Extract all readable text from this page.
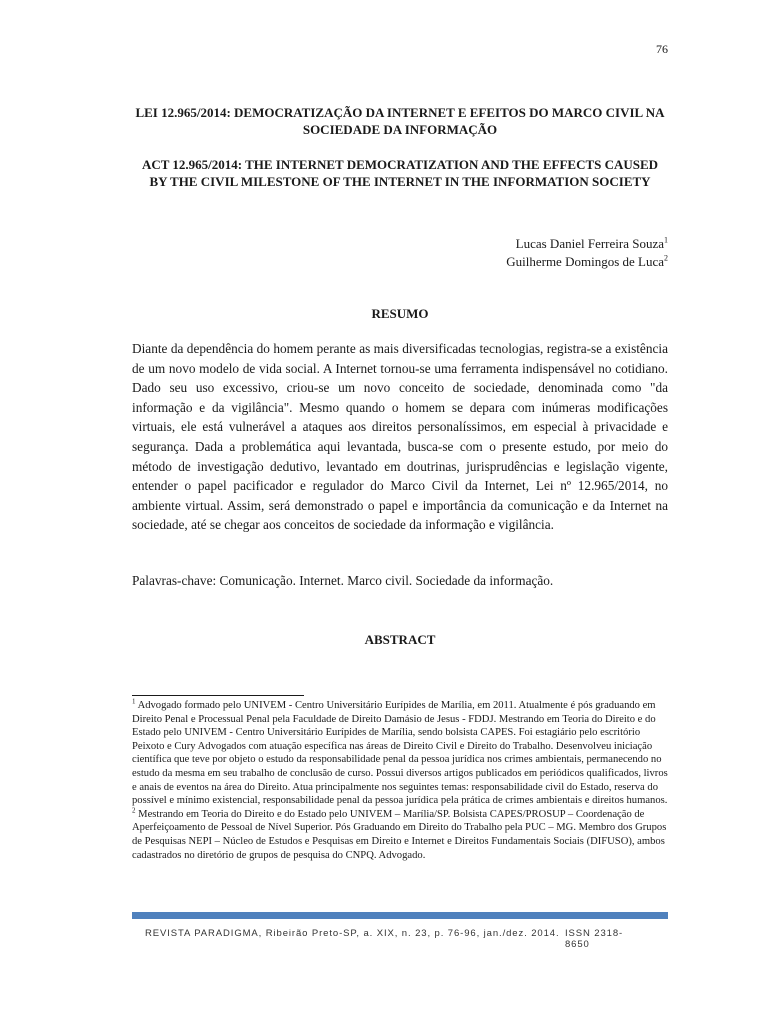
76
LEI 12.965/2014: DEMOCRATIZAÇÃO DA INTERNET E EFEITOS DO MARCO CIVIL NA SOCIEDADE DA INFORMAÇÃO
ACT 12.965/2014: THE INTERNET DEMOCRATIZATION AND THE EFFECTS CAUSED BY THE CIVIL MILESTONE OF THE INTERNET IN THE INFORMATION SOCIETY
Lucas Daniel Ferreira Souza$^1$
Guilherme Domingos de Luca$^2$
RESUMO
Diante da dependência do homem perante as mais diversificadas tecnologias, registra-se a existência de um novo modelo de vida social. A Internet tornou-se uma ferramenta indispensável no cotidiano. Dado seu uso excessivo, criou-se um novo conceito de sociedade, denominada como "da informação e da vigilância". Mesmo quando o homem se depara com inúmeras modificações virtuais, ele está vulnerável a ataques aos direitos personalíssimos, em especial à privacidade e segurança. Dada a problemática aqui levantada, busca-se com o presente estudo, por meio do método de investigação dedutivo, levantado em doutrinas, jurisprudências e legislação vigente, entender o papel pacificador e regulador do Marco Civil da Internet, Lei nº 12.965/2014, no ambiente virtual. Assim, será demonstrado o papel e importância da comunicação e da Internet na sociedade, até se chegar aos conceitos de sociedade da informação e vigilância.
Palavras-chave: Comunicação. Internet. Marco civil. Sociedade da informação.
ABSTRACT

$^1$ Advogado formado pelo UNIVEM - Centro Universitário Eurípides de Marília, em 2011. Atualmente é pós graduando em Direito Penal e Processual Penal pela Faculdade de Direito Damásio de Jesus - FDDJ. Mestrando em Teoria do Direito e do Estado pelo UNIVEM - Centro Universitário Eurípides de Marília, sendo bolsista CAPES. Foi estagiário pelo escritório Peixoto e Cury Advogados com atuação específica nas áreas de Direito Civil e Direito do Trabalho. Desenvolveu iniciação científica que teve por objeto o estudo da responsabilidade penal da pessoa jurídica nos crimes ambientais, permanecendo no estudo da mesma em seu trabalho de conclusão de curso. Possui diversos artigos publicados em periódicos qualificados, livros e anais de eventos na área do Direito. Atua principalmente nos seguintes temas: responsabilidade civil do Estado, reserva do possível e mínimo existencial, responsabilidade penal da pessoa jurídica pela prática de crimes ambientais e direitos humanos.

$^2$ Mestrando em Teoria do Direito e do Estado pelo UNIVEM – Marília/SP. Bolsista CAPES/PROSUP – Coordenação de Aperfeiçoamento de Pessoal de Nível Superior. Pós Graduando em Direito do Trabalho pela PUC – MG. Membro dos Grupos de Pesquisas NEPI – Núcleo de Estudos e Pesquisas em Direito e Internet e Direitos Fundamentais Sociais (DIFUSO), ambos cadastrados no diretório de grupos de pesquisa do CNPQ. Advogado.

REVISTA PARADIGMA, Ribeirão Preto-SP, a. XIX, n. 23, p. 76-96, jan./dez. 2014. ISSN 2318-8650
